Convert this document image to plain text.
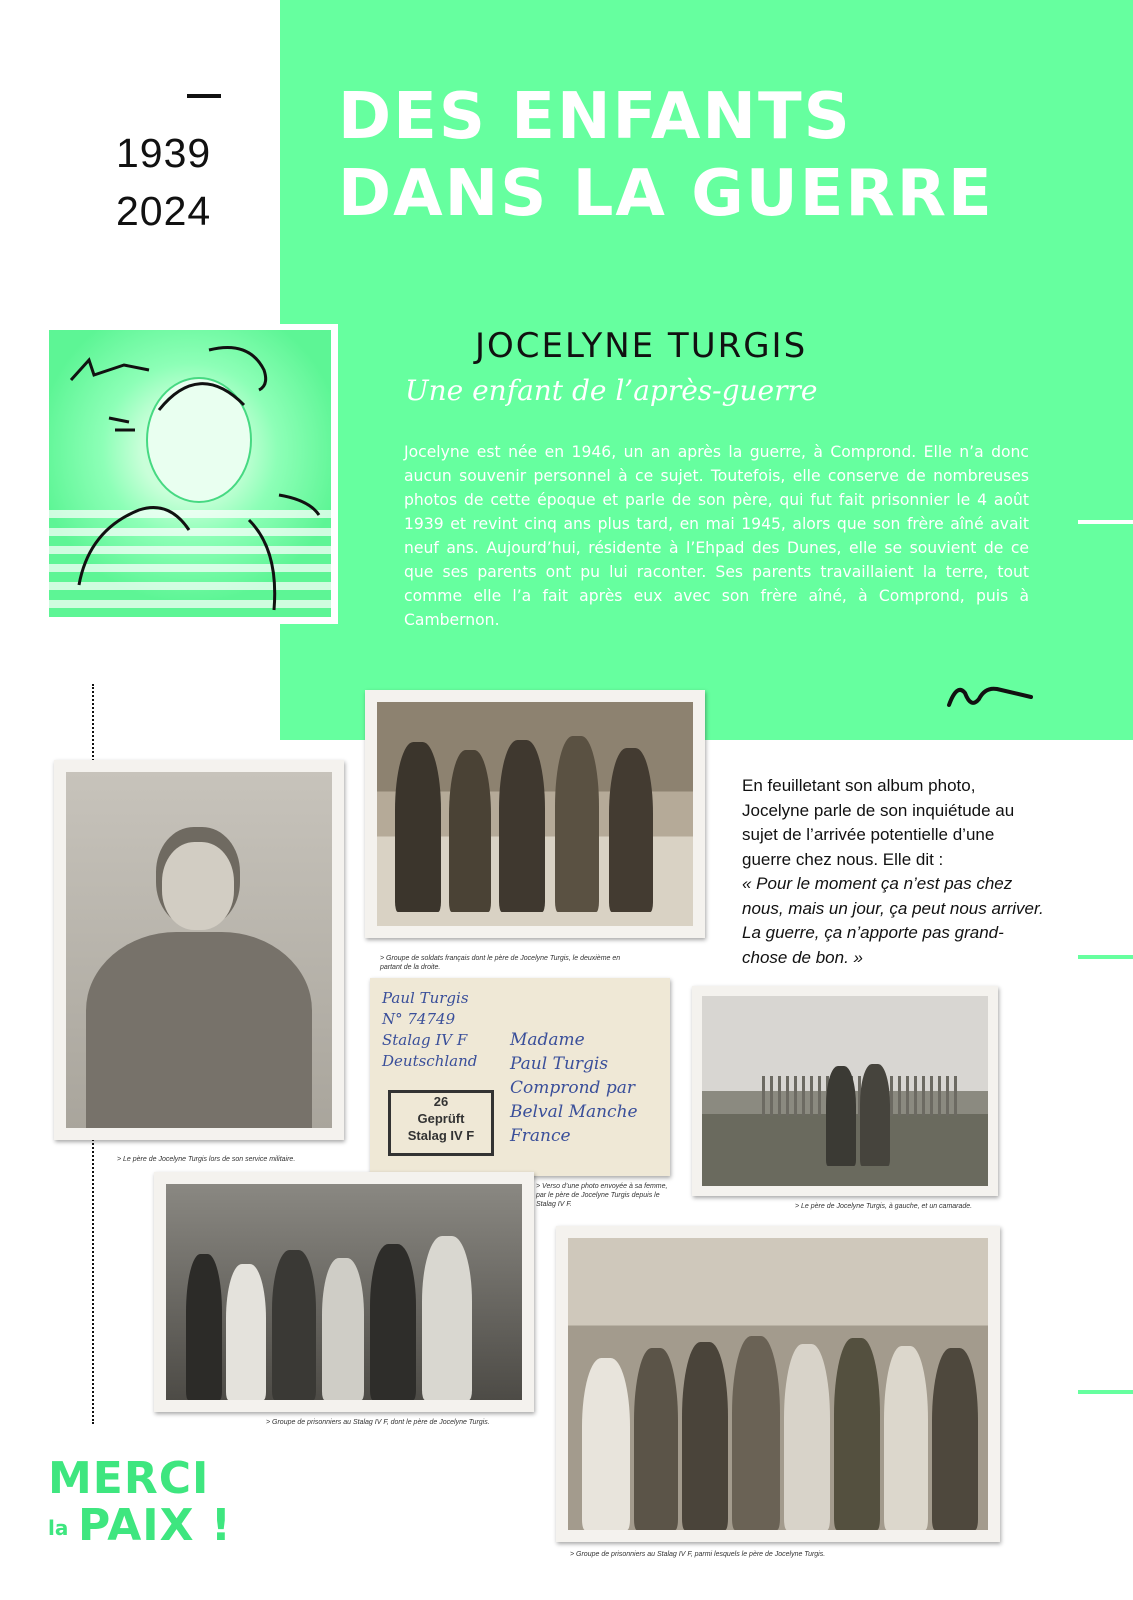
1939
2024
DES ENFANTS
DANS LA GUERRE
JOCELYNE TURGIS
Une enfant de l’après-guerre

Jocelyne est née en 1946, un an après la guerre, à Comprond. Elle n’a donc aucun souvenir personnel à ce sujet. Toutefois, elle conserve de nombreuses photos de cette époque et parle de son père, qui fut fait prisonnier le 4 août 1939 et revint cinq ans plus tard, en mai 1945, alors que son frère aîné avait neuf ans. Aujourd’hui, résidente à l’Ehpad des Dunes, elle se souvient de ce que ses parents ont pu lui raconter. Ses parents travaillaient la terre, tout comme elle l’a fait après eux avec son frère aîné, à Comprond, puis à Cambernon.

En feuilletant son album photo, Jocelyne parle de son inquiétude au sujet de l’arrivée potentielle d’une guerre chez nous. Elle dit :

« Pour le moment ça n’est pas chez nous, mais un jour, ça peut nous arriver. La guerre, ça n’apporte pas grand-chose de bon. »

> Groupe de soldats français dont le père de Jocelyne Turgis, le deuxième en partant de la droite.
> Le père de Jocelyne Turgis lors de son service militaire.
Paul Turgis
N° 74749
Stalag IV F
Deutschland
Madame
Paul Turgis
Comprond par
Belval Manche
France
26
Geprüft
Stalag IV F
> Verso d’une photo envoyée à sa femme, par le père de Jocelyne Turgis depuis le Stalag IV F.	> Le père de Jocelyne Turgis, à gauche, et un camarade.
> Groupe de prisonniers au Stalag IV F, dont le père de Jocelyne Turgis.
> Groupe de prisonniers au Stalag IV F, parmi lesquels le père de Jocelyne Turgis.
MERCI
la PAIX !
